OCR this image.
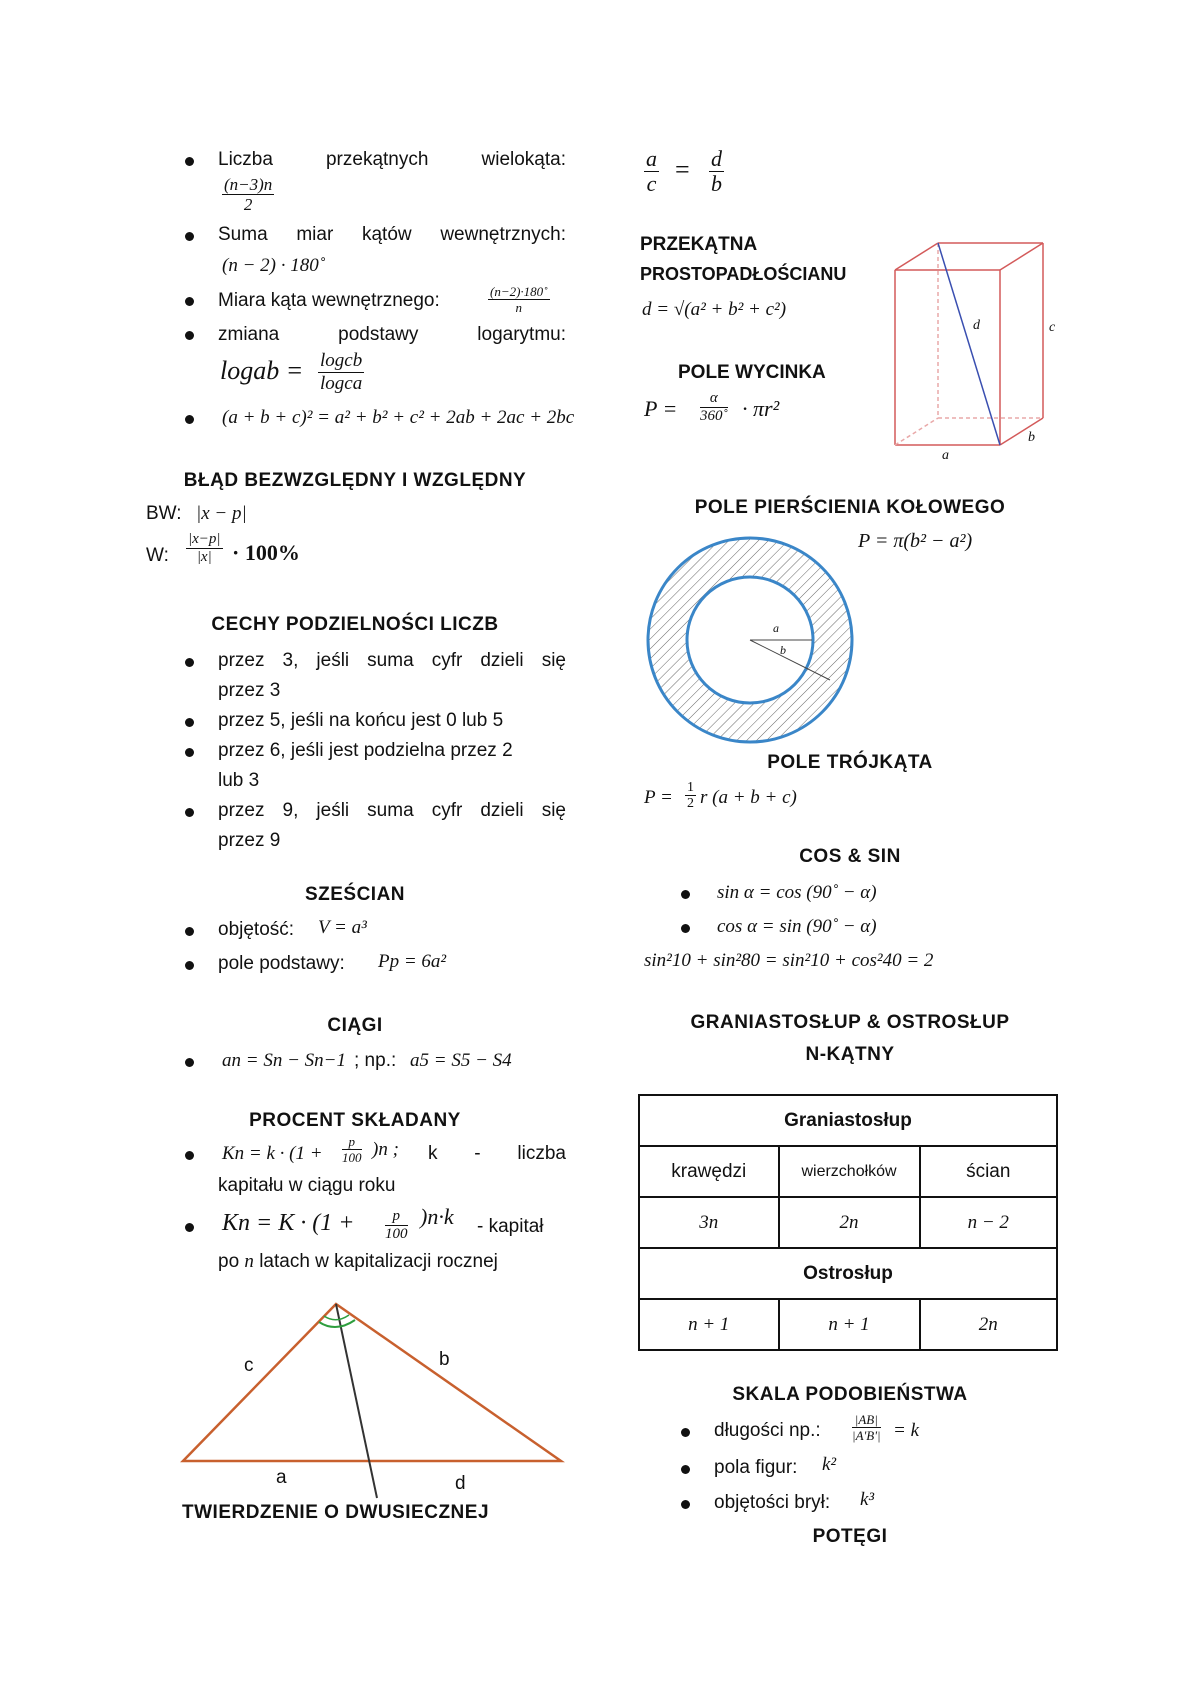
Liczba przekątnych wielokąta:
$\frac{(n-3)n}{2}$
Suma miar kątów wewnętrznych:
(n − 2) · 180˚
Miara kąta wewnętrznego:	$\frac{(n-2)\cdot 180˚}{n}$
zmiana podstawy logarytmu:
logab = $\frac{\text{logcb}}{\text{logca}}$
(a + b + c)² = a² + b² + c² + 2ab + 2ac + 2bc
BŁĄD BEZWZGLĘDNY I WZGLĘDNY
BW: |x − p|
W: $\frac{|x-p|}{|x|} \cdot 100\%$
CECHY PODZIELNOŚCI LICZB
przez 3, jeśli suma cyfr dzieli się
przez 3
przez 5, jeśli na końcu jest 0 lub 5
przez 6, jeśli jest podzielna przez 2
lub 3
przez 9, jeśli suma cyfr dzieli się
przez 9
SZEŚCIAN
objętość: V = a³
pole podstawy: Pp = 6a²
CIĄGI
an = Sn − Sn−1 ; np.: a5 = S5 − S4
PROCENT SKŁADANY
$Kn = k \cdot (1 + \frac{p}{100} )n$ ; k - liczba
kapitału w ciągu roku
$Kn = K \cdot (1 + \frac{p}{100} )n\cdot k$ - kapitał
po n latach w kapitalizacji rocznej
c	b
a	d
TWIERDZENIE O DWUSIECZNEJ
$\frac{a}{c} = \frac{d}{b}$
PRZEKĄTNA
PROSTOPADŁOŚCIANU
d = √(a² + b² + c²)
d	c
a
b
POLE WYCINKA
$P = \frac{\alpha}{360˚} \cdot \pi r^2$
POLE PIERŚCIENIA KOŁOWEGO
P = π(b² − a²)
a
b
POLE TRÓJKĄTA
$P = \frac{1}{2}$ r (a + b + c)
COS & SIN
sin α = cos (90˚ − α)
cos α = sin (90˚ − α)
sin²10 + sin²80 = sin²10 + cos²40 = 2
GRANIASTOSŁUP & OSTROSŁUP
N-KĄTNY
Graniastosłup		
krawędzi	wierzchołków	ścian
3n	2n	n − 2
Ostrosłup		
n + 1	n + 1	2n
SKALA PODOBIEŃSTWA
długości np.: $\frac{|AB|}{|A'B'|} = k$
pola figur: k²
objętości brył: k³
POTĘGI
